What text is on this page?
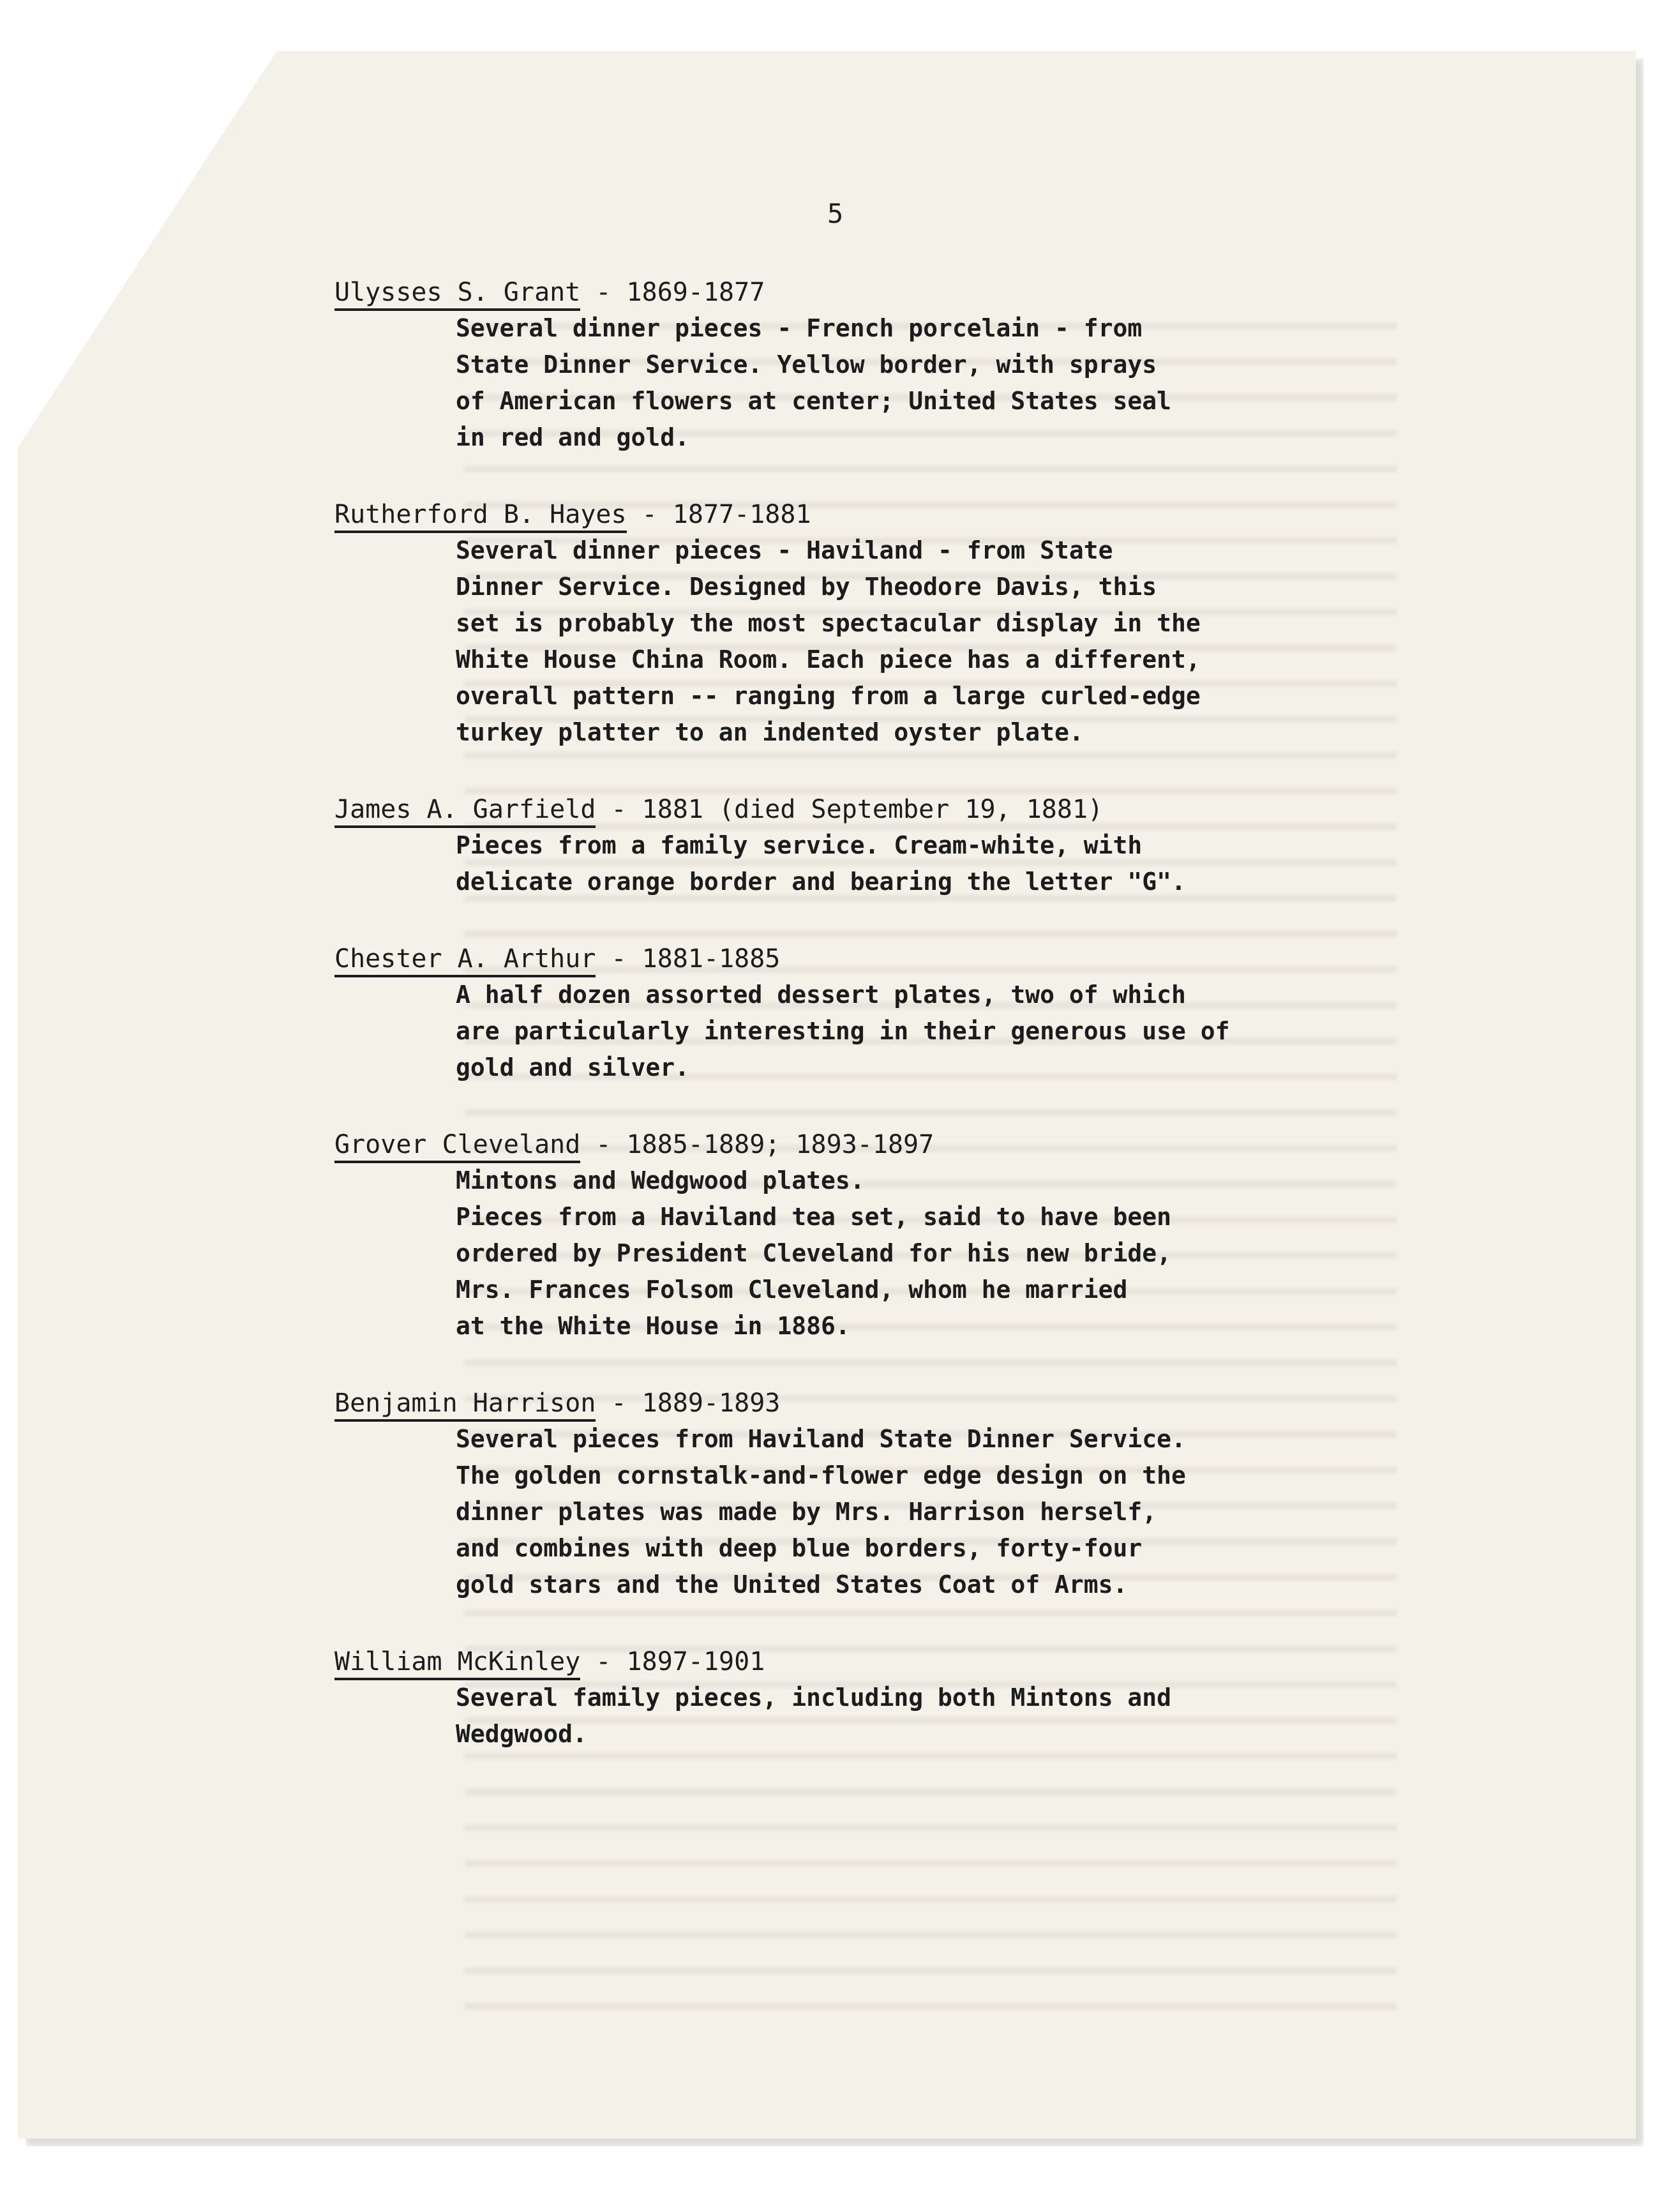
5

Ulysses S. Grant - 1869-1877

Several dinner pieces - French porcelain - from
State Dinner Service. Yellow border, with sprays
of American flowers at center; United States seal
in red and gold.

Rutherford B. Hayes - 1877-1881

Several dinner pieces - Haviland - from State
Dinner Service. Designed by Theodore Davis, this
set is probably the most spectacular display in the
White House China Room. Each piece has a different,
overall pattern -- ranging from a large curled-edge
turkey platter to an indented oyster plate.

James A. Garfield - 1881 (died September 19, 1881)

Pieces from a family service. Cream-white, with
delicate orange border and bearing the letter "G".

Chester A. Arthur - 1881-1885

A half dozen assorted dessert plates, two of which
are particularly interesting in their generous use of
gold and silver.

Grover Cleveland - 1885-1889; 1893-1897

Mintons and Wedgwood plates.
Pieces from a Haviland tea set, said to have been
ordered by President Cleveland for his new bride,
Mrs. Frances Folsom Cleveland, whom he married
at the White House in 1886.

Benjamin Harrison - 1889-1893

Several pieces from Haviland State Dinner Service.
The golden cornstalk-and-flower edge design on the
dinner plates was made by Mrs. Harrison herself,
and combines with deep blue borders, forty-four
gold stars and the United States Coat of Arms.

William McKinley - 1897-1901

Several family pieces, including both Mintons and
Wedgwood.
